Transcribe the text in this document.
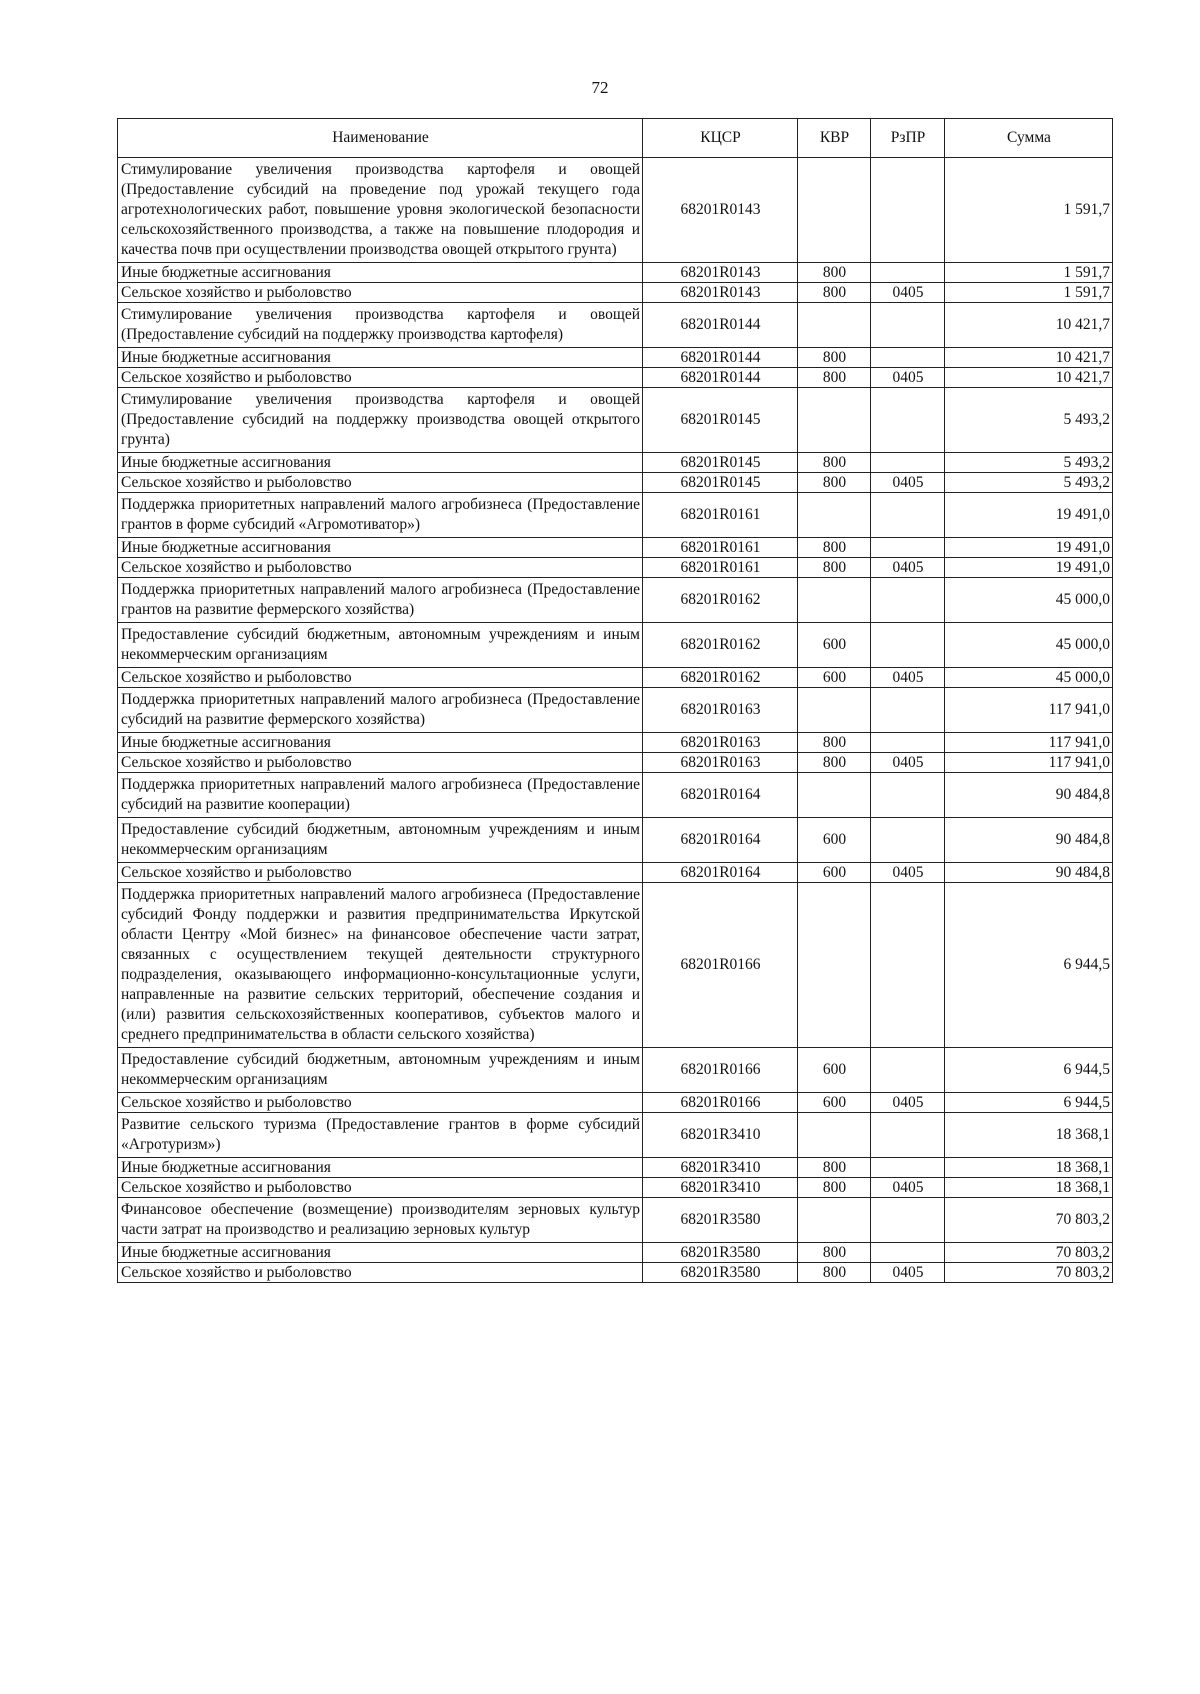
72
Наименование	КЦСР	КВР	РзПР	Сумма
Стимулирование увеличения производства картофеля и овощей (Предоставление субсидий на проведение под урожай текущего года агротехнологических работ, повышение уровня экологической безопасности сельскохозяйственного производства, а также на повышение плодородия и качества почв при осуществлении производства овощей открытого грунта)	68201R0143			1 591,7
Иные бюджетные ассигнования	68201R0143	800		1 591,7
Сельское хозяйство и рыболовство	68201R0143	800	0405	1 591,7
Стимулирование увеличения производства картофеля и овощей (Предоставление субсидий на поддержку производства картофеля)	68201R0144			10 421,7
Иные бюджетные ассигнования	68201R0144	800		10 421,7
Сельское хозяйство и рыболовство	68201R0144	800	0405	10 421,7
Стимулирование увеличения производства картофеля и овощей (Предоставление субсидий на поддержку производства овощей открытого грунта)	68201R0145			5 493,2
Иные бюджетные ассигнования	68201R0145	800		5 493,2
Сельское хозяйство и рыболовство	68201R0145	800	0405	5 493,2
Поддержка приоритетных направлений малого агробизнеса (Предоставление грантов в форме субсидий «Агромотиватор»)	68201R0161			19 491,0
Иные бюджетные ассигнования	68201R0161	800		19 491,0
Сельское хозяйство и рыболовство	68201R0161	800	0405	19 491,0
Поддержка приоритетных направлений малого агробизнеса (Предоставление грантов на развитие фермерского хозяйства)	68201R0162			45 000,0
Предоставление субсидий бюджетным, автономным учреждениям и иным некоммерческим организациям	68201R0162	600		45 000,0
Сельское хозяйство и рыболовство	68201R0162	600	0405	45 000,0
Поддержка приоритетных направлений малого агробизнеса (Предоставление субсидий на развитие фермерского хозяйства)	68201R0163			117 941,0
Иные бюджетные ассигнования	68201R0163	800		117 941,0
Сельское хозяйство и рыболовство	68201R0163	800	0405	117 941,0
Поддержка приоритетных направлений малого агробизнеса (Предоставление субсидий на развитие кооперации)	68201R0164			90 484,8
Предоставление субсидий бюджетным, автономным учреждениям и иным некоммерческим организациям	68201R0164	600		90 484,8
Сельское хозяйство и рыболовство	68201R0164	600	0405	90 484,8
Поддержка приоритетных направлений малого агробизнеса (Предоставление субсидий Фонду поддержки и развития предпринимательства Иркутской области Центру «Мой бизнес» на финансовое обеспечение части затрат, связанных с осуществлением текущей деятельности структурного подразделения, оказывающего информационно-консультационные услуги, направленные на развитие сельских территорий, обеспечение создания и (или) развития сельскохозяйственных кооперативов, субъектов малого и среднего предпринимательства в области сельского хозяйства)	68201R0166			6 944,5
Предоставление субсидий бюджетным, автономным учреждениям и иным некоммерческим организациям	68201R0166	600		6 944,5
Сельское хозяйство и рыболовство	68201R0166	600	0405	6 944,5
Развитие сельского туризма (Предоставление грантов в форме субсидий «Агротуризм»)	68201R3410			18 368,1
Иные бюджетные ассигнования	68201R3410	800		18 368,1
Сельское хозяйство и рыболовство	68201R3410	800	0405	18 368,1
Финансовое обеспечение (возмещение) производителям зерновых культур части затрат на производство и реализацию зерновых культур	68201R3580			70 803,2
Иные бюджетные ассигнования	68201R3580	800		70 803,2
Сельское хозяйство и рыболовство	68201R3580	800	0405	70 803,2
